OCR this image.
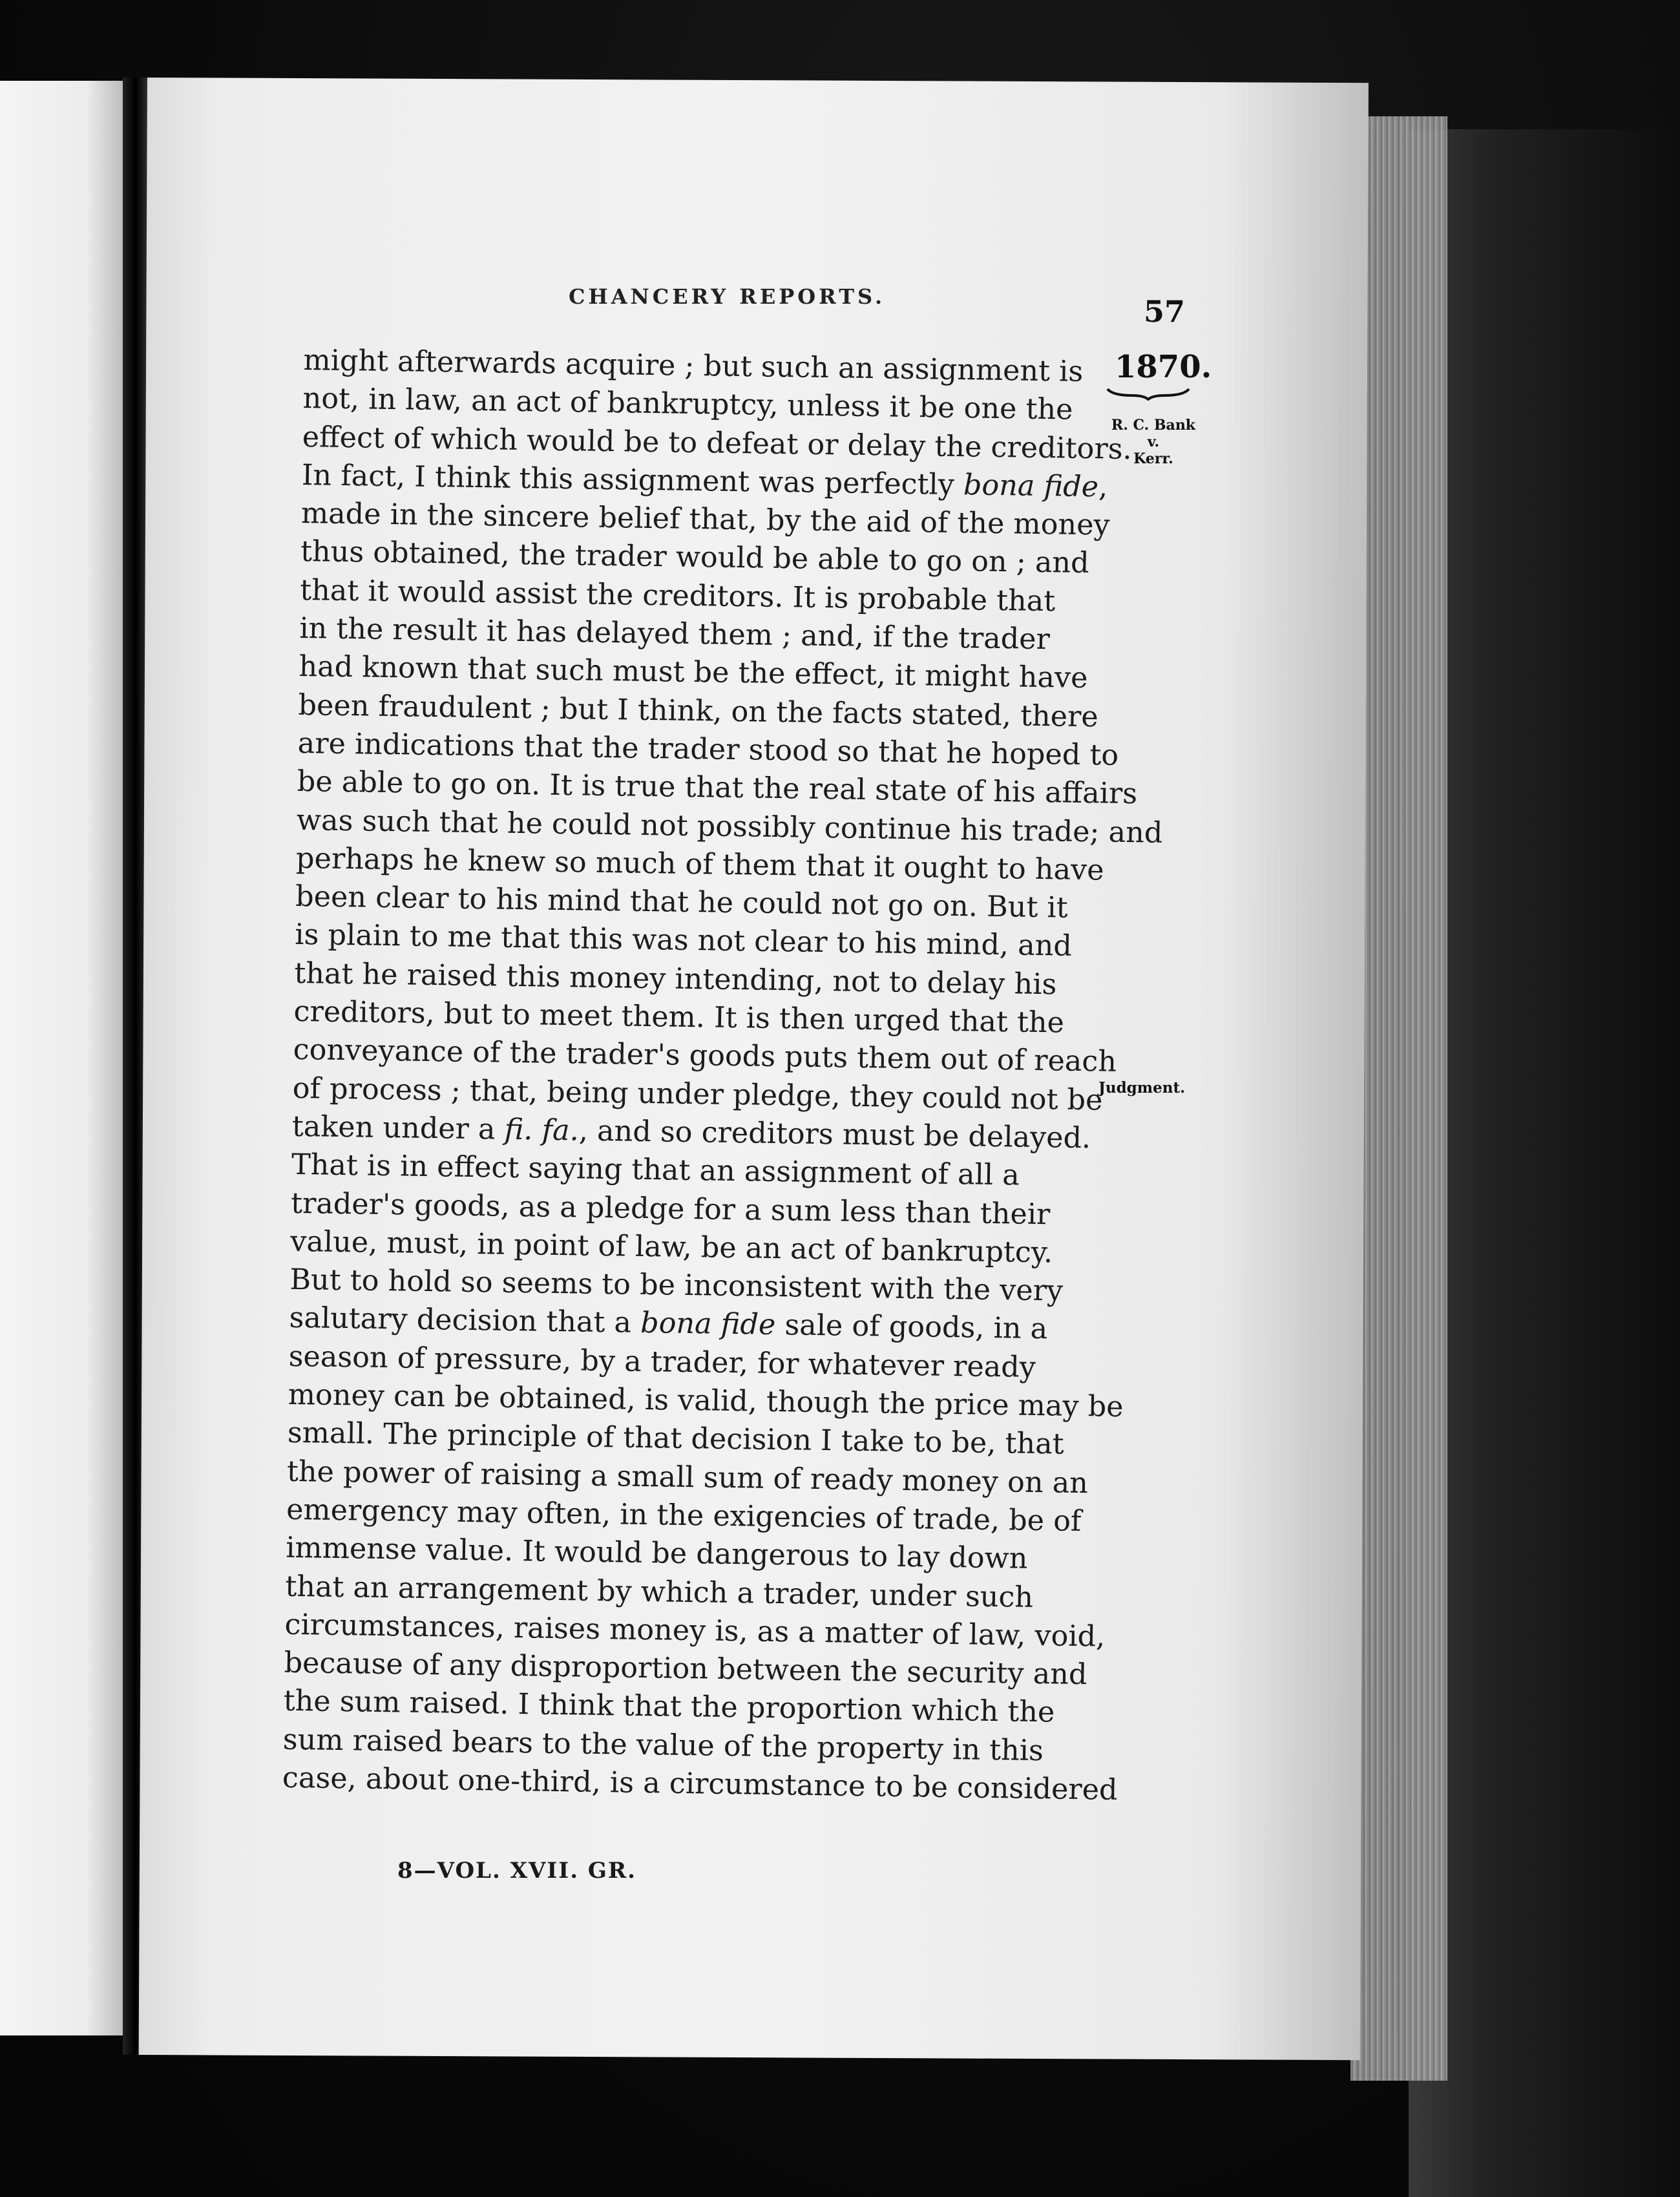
CHANCERY REPORTS.	57
1870.
R. C. Bank
v.
Kerr.
Judgment.
might afterwards acquire ; but such an assignment is
not, in law, an act of bankruptcy, unless it be one the
effect of which would be to defeat or delay the creditors.
In fact, I think this assignment was perfectly bona fide,
made in the sincere belief that, by the aid of the money
thus obtained, the trader would be able to go on ; and
that it would assist the creditors. It is probable that
in the result it has delayed them ; and, if the trader
had known that such must be the effect, it might have
been fraudulent ; but I think, on the facts stated, there
are indications that the trader stood so that he hoped to
be able to go on. It is true that the real state of his affairs
was such that he could not possibly continue his trade; and
perhaps he knew so much of them that it ought to have
been clear to his mind that he could not go on. But it
is plain to me that this was not clear to his mind, and
that he raised this money intending, not to delay his
creditors, but to meet them. It is then urged that the
conveyance of the trader's goods puts them out of reach
of process ; that, being under pledge, they could not be
taken under a fi. fa., and so creditors must be delayed.
That is in effect saying that an assignment of all a
trader's goods, as a pledge for a sum less than their
value, must, in point of law, be an act of bankruptcy.
But to hold so seems to be inconsistent with the very
salutary decision that a bona fide sale of goods, in a
season of pressure, by a trader, for whatever ready
money can be obtained, is valid, though the price may be
small. The principle of that decision I take to be, that
the power of raising a small sum of ready money on an
emergency may often, in the exigencies of trade, be of
immense value. It would be dangerous to lay down
that an arrangement by which a trader, under such
circumstances, raises money is, as a matter of law, void,
because of any disproportion between the security and
the sum raised. I think that the proportion which the
sum raised bears to the value of the property in this
case, about one-third, is a circumstance to be considered
8—VOL. XVII. GR.
